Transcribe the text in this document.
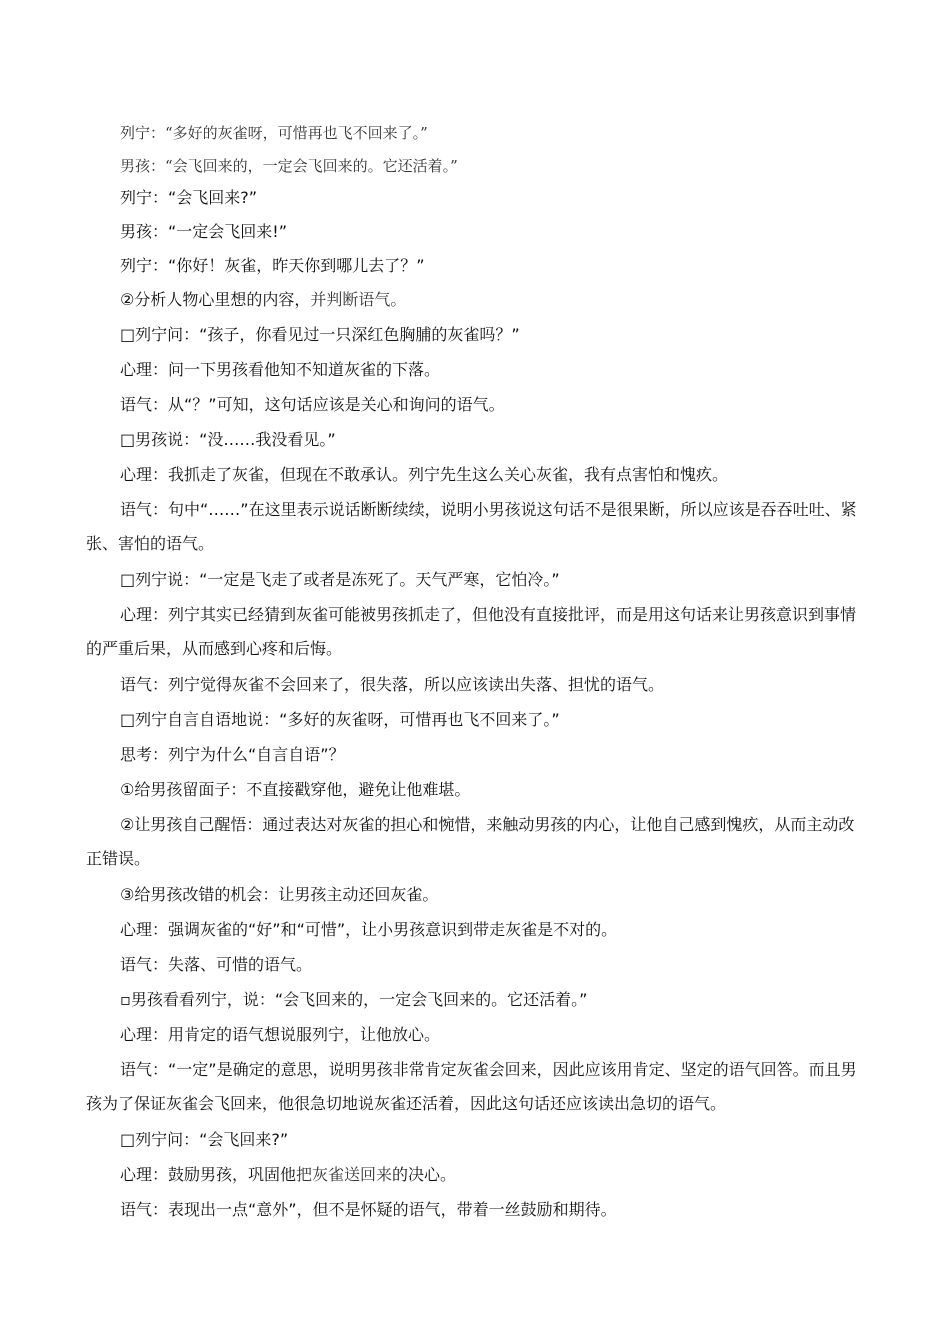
列宁：“多好的灰雀呀，可惜再也飞不回来了。”

男孩：“会飞回来的，一定会飞回来的。它还活着。”

列宁：“会飞回来?”

男孩：“一定会飞回来!”

列宁：“你好！灰雀，昨天你到哪儿去了？”

②分析人物心里想的内容，并判断语气。

□列宁问：“孩子，你看见过一只深红色胸脯的灰雀吗？”

心理：问一下男孩看他知不知道灰雀的下落。

语气：从“？”可知，这句话应该是关心和询问的语气。

□男孩说：“没……我没看见。”

心理：我抓走了灰雀，但现在不敢承认。列宁先生这么关心灰雀，我有点害怕和愧疚。

语气：句中“……”在这里表示说话断断续续，说明小男孩说这句话不是很果断，所以应该是吞吞吐吐、紧张、害怕的语气。

□列宁说：“一定是飞走了或者是冻死了。天气严寒，它怕冷。”

心理：列宁其实已经猜到灰雀可能被男孩抓走了，但他没有直接批评，而是用这句话来让男孩意识到事情的严重后果，从而感到心疼和后悔。

语气：列宁觉得灰雀不会回来了，很失落，所以应该读出失落、担忧的语气。

□列宁自言自语地说：“多好的灰雀呀，可惜再也飞不回来了。”

思考：列宁为什么“自言自语”？

①给男孩留面子：不直接戳穿他，避免让他难堪。

②让男孩自己醒悟：通过表达对灰雀的担心和惋惜，来触动男孩的内心，让他自己感到愧疚，从而主动改正错误。

③给男孩改错的机会：让男孩主动还回灰雀。

心理：强调灰雀的“好”和“可惜”，让小男孩意识到带走灰雀是不对的。

语气：失落、可惜的语气。

▫男孩看看列宁，说：“会飞回来的，一定会飞回来的。它还活着。”

心理：用肯定的语气想说服列宁，让他放心。

语气：“一定”是确定的意思，说明男孩非常肯定灰雀会回来，因此应该用肯定、坚定的语气回答。而且男孩为了保证灰雀会飞回来，他很急切地说灰雀还活着，因此这句话还应该读出急切的语气。

□列宁问：“会飞回来?”

心理：鼓励男孩，巩固他把灰雀送回来的决心。

语气：表现出一点“意外”，但不是怀疑的语气，带着一丝鼓励和期待。
